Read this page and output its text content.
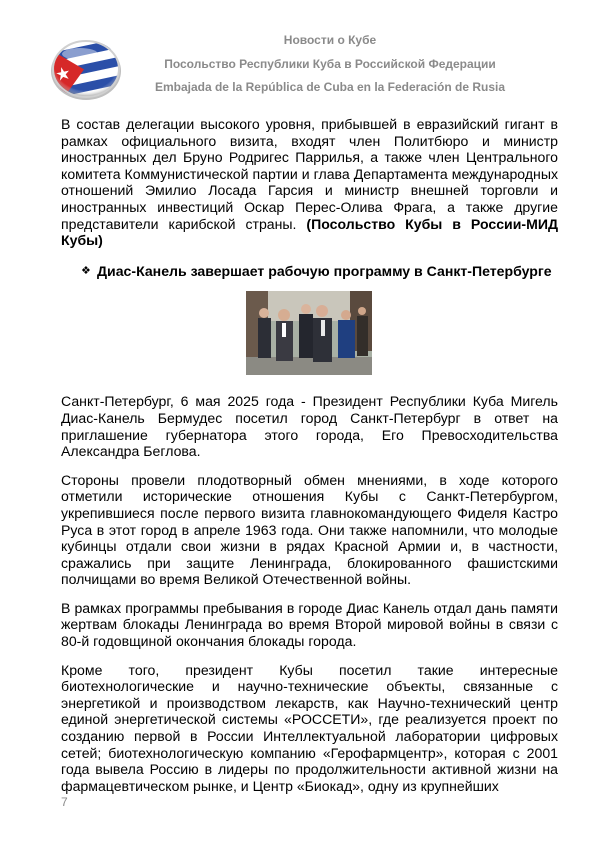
Новости о Кубе
Посольство Республики Куба в Российской Федерации
Embajada de la República de Cuba en la Federación de Rusia

В состав делегации высокого уровня, прибывшей в евразийский гигант в рамках официального визита, входят член Политбюро и министр иностранных дел Бруно Родригес Паррилья, а также член Центрального комитета Коммунистической партии и глава Департамента международных отношений Эмилио Лосада Гарсия и министр внешней торговли и иностранных инвестиций Оскар Перес-Олива Фрага, а также другие представители карибской страны. (Посольство Кубы в России-МИД Кубы)

❖ Диас-Канель завершает рабочую программу в Санкт-Петербурге

Санкт-Петербург, 6 мая 2025 года - Президент Республики Куба Мигель Диас-Канель Бермудес посетил город Санкт-Петербург в ответ на приглашение губернатора этого города, Его Превосходительства Александра Беглова.

Стороны провели плодотворный обмен мнениями, в ходе которого отметили исторические отношения Кубы с Санкт-Петербургом, укрепившиеся после первого визита главнокомандующего Фиделя Кастро Руса в этот город в апреле 1963 года. Они также напомнили, что молодые кубинцы отдали свои жизни в рядах Красной Армии и, в частности, сражались при защите Ленинграда, блокированного фашистскими полчищами во время Великой Отечественной войны.

В рамках программы пребывания в городе Диас Канель отдал дань памяти жертвам блокады Ленинграда во время Второй мировой войны в связи с 80-й годовщиной окончания блокады города.

Кроме того, президент Кубы посетил такие интересные биотехнологические и научно-технические объекты, связанные с энергетикой и производством лекарств, как Научно-технический центр единой энергетической системы «РОССЕТИ», где реализуется проект по созданию первой в России Интеллектуальной лаборатории цифровых сетей; биотехнологическую компанию «Герофармцентр», которая с 2001 года вывела Россию в лидеры по продолжительности активной жизни на фармацевтическом рынке, и Центр «Биокад», одну из крупнейших

7
